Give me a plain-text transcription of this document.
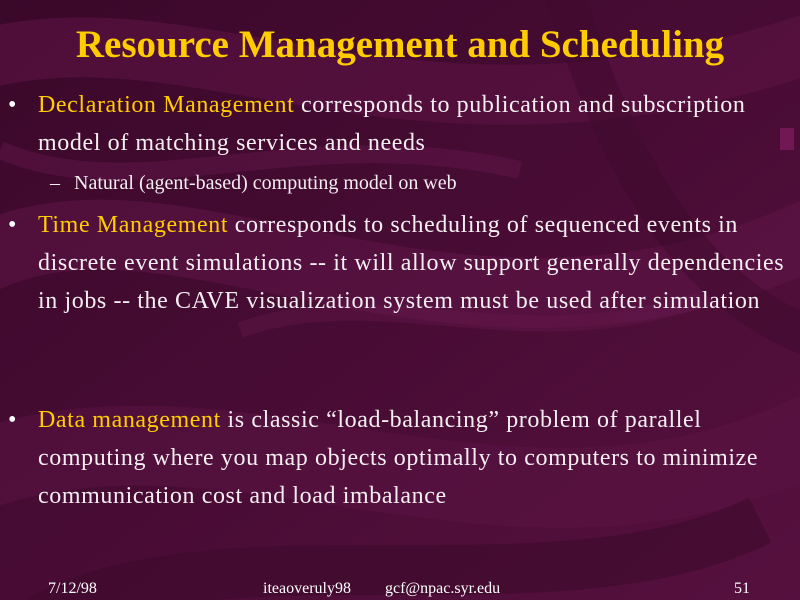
Resource Management and Scheduling
• Declaration Management corresponds to publication and subscription model of matching services and needs
– Natural (agent-based) computing model on web
• Time Management corresponds to scheduling of sequenced events in discrete event simulations -- it will allow support generally dependencies in jobs -- the CAVE visualization system must be used after simulation
• Data management is classic “load-balancing” problem of parallel computing where you map objects optimally to computers to minimize communication cost and load imbalance
7/12/98	iteaoveruly98 gcf@npac.syr.edu	51
